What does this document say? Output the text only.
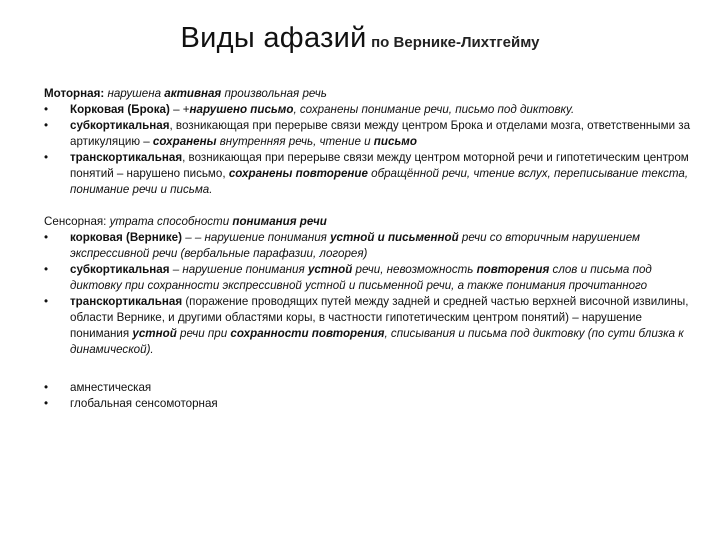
Виды афазий по Вернике-Лихтгейму
Моторная: нарушена активная произвольная речь
• Корковая (Брока) – +нарушено письмо, сохранены понимание речи, письмо под диктовку.
• субкортикальная, возникающая при перерыве связи между центром Брока и отделами мозга, ответственными за артикуляцию – сохранены внутренняя речь, чтение и письмо
• транскортикальная, возникающая при перерыве связи между центром моторной речи и гипотетическим центром понятий – нарушено письмо, сохранены повторение обращённой речи, чтение вслух, переписывание текста, понимание речи и письма.
Сенсорная: утрата способности понимания речи
• корковая (Вернике) – – нарушение понимания устной и письменной речи со вторичным нарушением экспрессивной речи (вербальные парафазии, логорея)
• субкортикальная – нарушение понимания устной речи, невозможность повторения слов и письма под диктовку при сохранности экспрессивной устной и письменной речи, а также понимания прочитанного
• транскортикальная (поражение проводящих путей между задней и средней частью верхней височной извилины, области Вернике, и другими областями коры, в частности гипотетическим центром понятий) – нарушение понимания устной речи при сохранности повторения, списывания и письма под диктовку (по сути близка к динамической).
• амнестическая
• глобальная сенсомоторная
